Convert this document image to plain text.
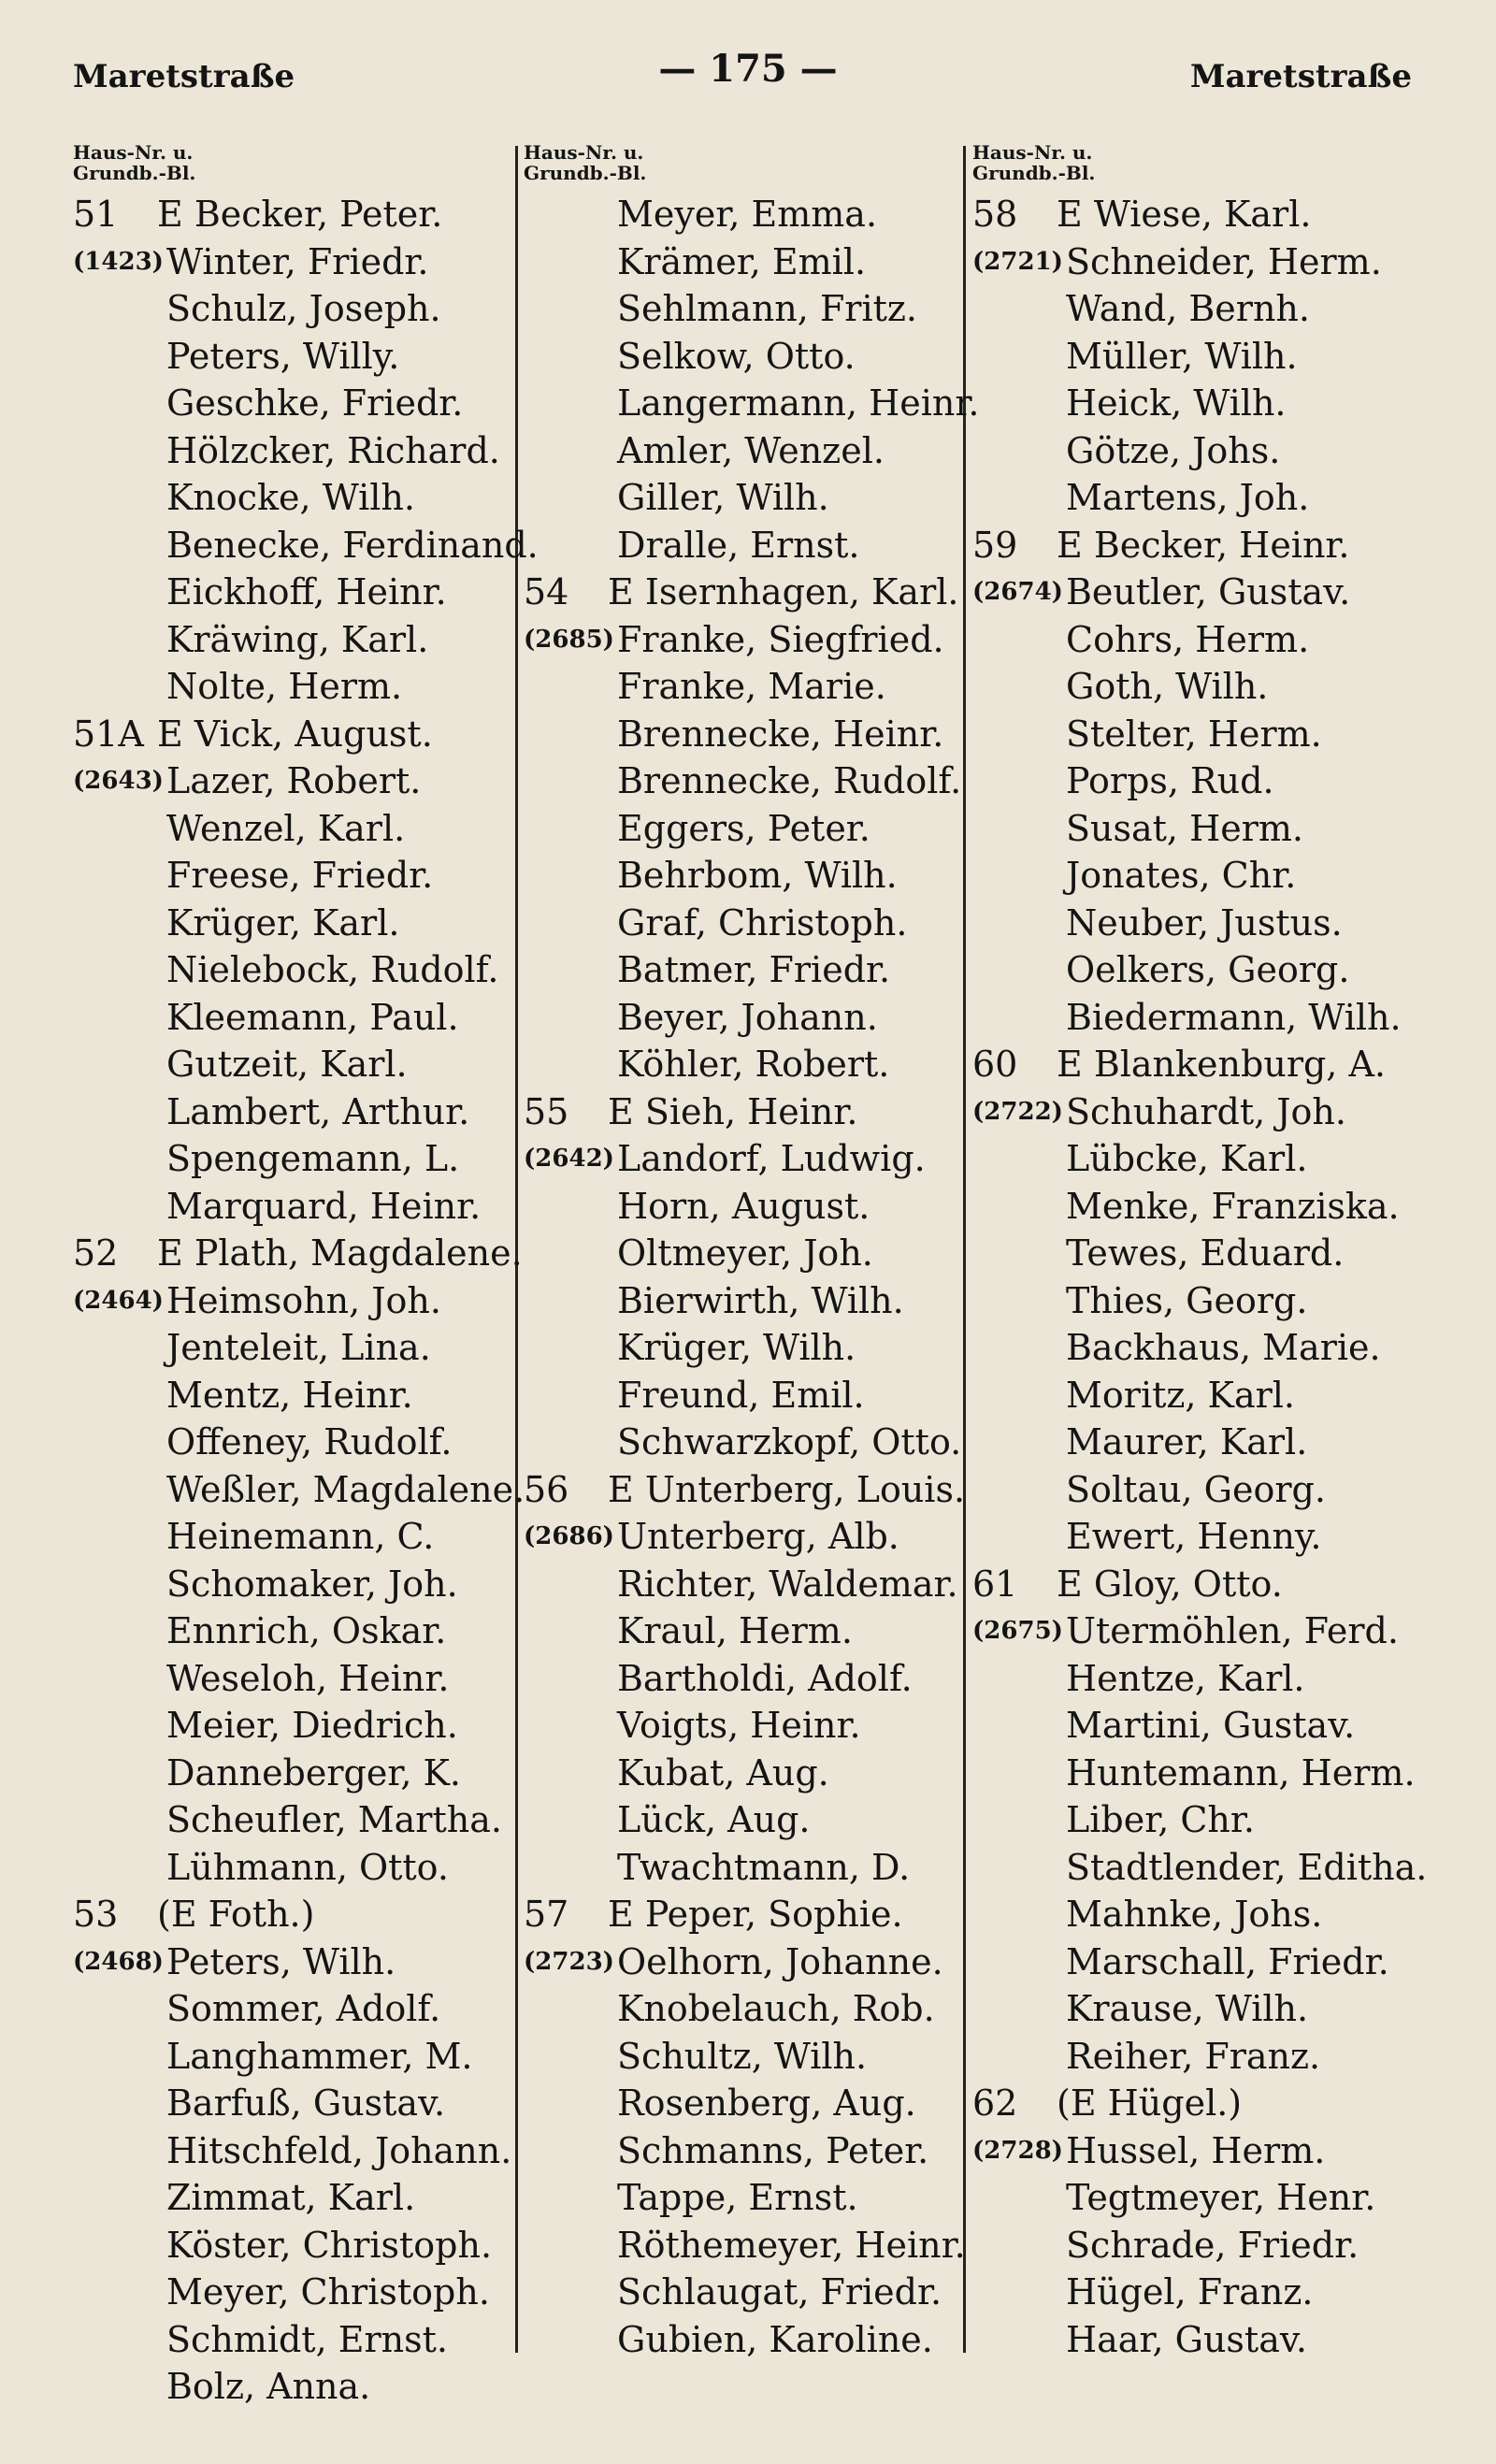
Maretstraße	— 175 —	Maretstraße
Haus-Nr. u.
Grundb.-Bl.
51 E Becker, Peter.
(1423)Winter, Friedr.
Schulz, Joseph.
Peters, Willy.
Geschke, Friedr.
Hölzcker, Richard.
Knocke, Wilh.
Benecke, Ferdinand.
Eickhoff, Heinr.
Kräwing, Karl.
Nolte, Herm.
51A E Vick, August.
(2643)Lazer, Robert.
Wenzel, Karl.
Freese, Friedr.
Krüger, Karl.
Nielebock, Rudolf.
Kleemann, Paul.
Gutzeit, Karl.
Lambert, Arthur.
Spengemann, L.
Marquard, Heinr.
52 E Plath, Magdalene.
(2464)Heimsohn, Joh.
Jenteleit, Lina.
Mentz, Heinr.
Offeney, Rudolf.
Weßler, Magdalene.
Heinemann, C.
Schomaker, Joh.
Ennrich, Oskar.
Weseloh, Heinr.
Meier, Diedrich.
Danneberger, K.
Scheufler, Martha.
Lühmann, Otto.
53 (E Foth.)
(2468)Peters, Wilh.
Sommer, Adolf.
Langhammer, M.
Barfuß, Gustav.
Hitschfeld, Johann.
Zimmat, Karl.
Köster, Christoph.
Meyer, Christoph.
Schmidt, Ernst.
Bolz, Anna.
Haus-Nr. u.
Grundb.-Bl.
Meyer, Emma.
Krämer, Emil.
Sehlmann, Fritz.
Selkow, Otto.
Langermann, Heinr.
Amler, Wenzel.
Giller, Wilh.
Dralle, Ernst.
54 E Isernhagen, Karl.
(2685)Franke, Siegfried.
Franke, Marie.
Brennecke, Heinr.
Brennecke, Rudolf.
Eggers, Peter.
Behrbom, Wilh.
Graf, Christoph.
Batmer, Friedr.
Beyer, Johann.
Köhler, Robert.
55 E Sieh, Heinr.
(2642)Landorf, Ludwig.
Horn, August.
Oltmeyer, Joh.
Bierwirth, Wilh.
Krüger, Wilh.
Freund, Emil.
Schwarzkopf, Otto.
56 E Unterberg, Louis.
(2686)Unterberg, Alb.
Richter, Waldemar.
Kraul, Herm.
Bartholdi, Adolf.
Voigts, Heinr.
Kubat, Aug.
Lück, Aug.
Twachtmann, D.
57 E Peper, Sophie.
(2723)Oelhorn, Johanne.
Knobelauch, Rob.
Schultz, Wilh.
Rosenberg, Aug.
Schmanns, Peter.
Tappe, Ernst.
Röthemeyer, Heinr.
Schlaugat, Friedr.
Gubien, Karoline.
Haus-Nr. u.
Grundb.-Bl.
58 E Wiese, Karl.
(2721)Schneider, Herm.
Wand, Bernh.
Müller, Wilh.
Heick, Wilh.
Götze, Johs.
Martens, Joh.
59 E Becker, Heinr.
(2674)Beutler, Gustav.
Cohrs, Herm.
Goth, Wilh.
Stelter, Herm.
Porps, Rud.
Susat, Herm.
Jonates, Chr.
Neuber, Justus.
Oelkers, Georg.
Biedermann, Wilh.
60 E Blankenburg, A.
(2722)Schuhardt, Joh.
Lübcke, Karl.
Menke, Franziska.
Tewes, Eduard.
Thies, Georg.
Backhaus, Marie.
Moritz, Karl.
Maurer, Karl.
Soltau, Georg.
Ewert, Henny.
61 E Gloy, Otto.
(2675)Utermöhlen, Ferd.
Hentze, Karl.
Martini, Gustav.
Huntemann, Herm.
Liber, Chr.
Stadtlender, Editha.
Mahnke, Johs.
Marschall, Friedr.
Krause, Wilh.
Reiher, Franz.
62 (E Hügel.)
(2728)Hussel, Herm.
Tegtmeyer, Henr.
Schrade, Friedr.
Hügel, Franz.
Haar, Gustav.
